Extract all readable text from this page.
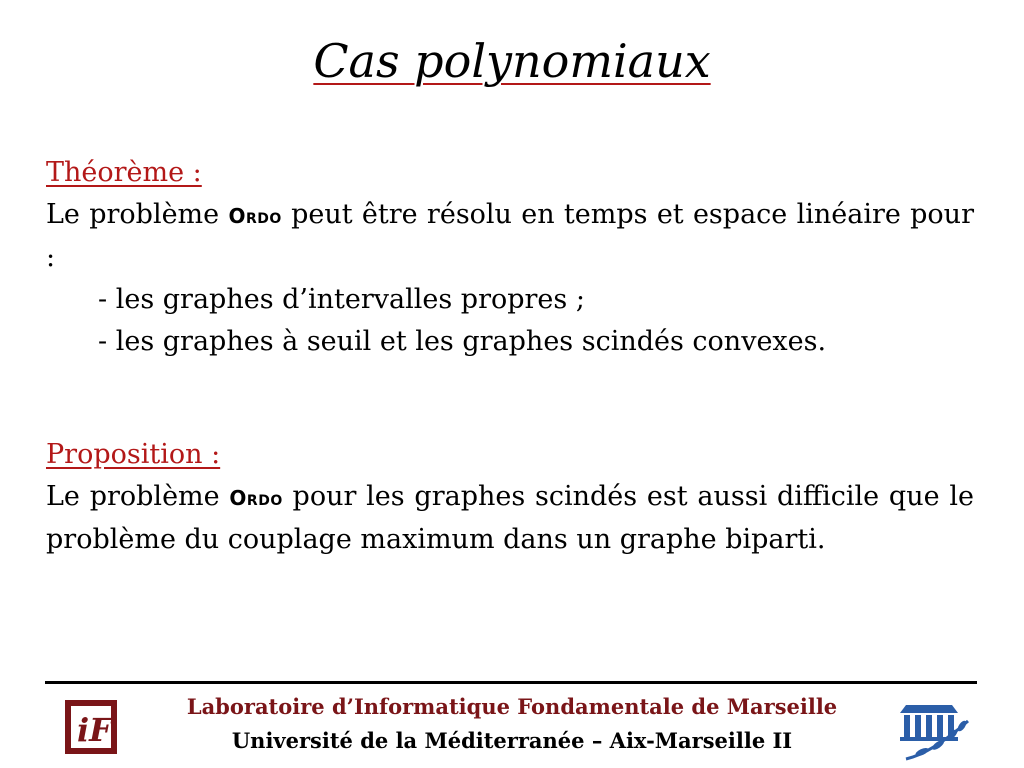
Cas polynomiaux
Théorème :

Le problème Ordo peut être résolu en temps et espace linéaire pour :

- les graphes d’intervalles propres ;
- les graphes à seuil et les graphes scindés convexes.
Proposition :

Le problème Ordo pour les graphes scindés est aussi difficile que le problème du couplage maximum dans un graphe biparti.

iF
Laboratoire d’Informatique Fondamentale de Marseille
Université de la Méditerranée – Aix-Marseille II
